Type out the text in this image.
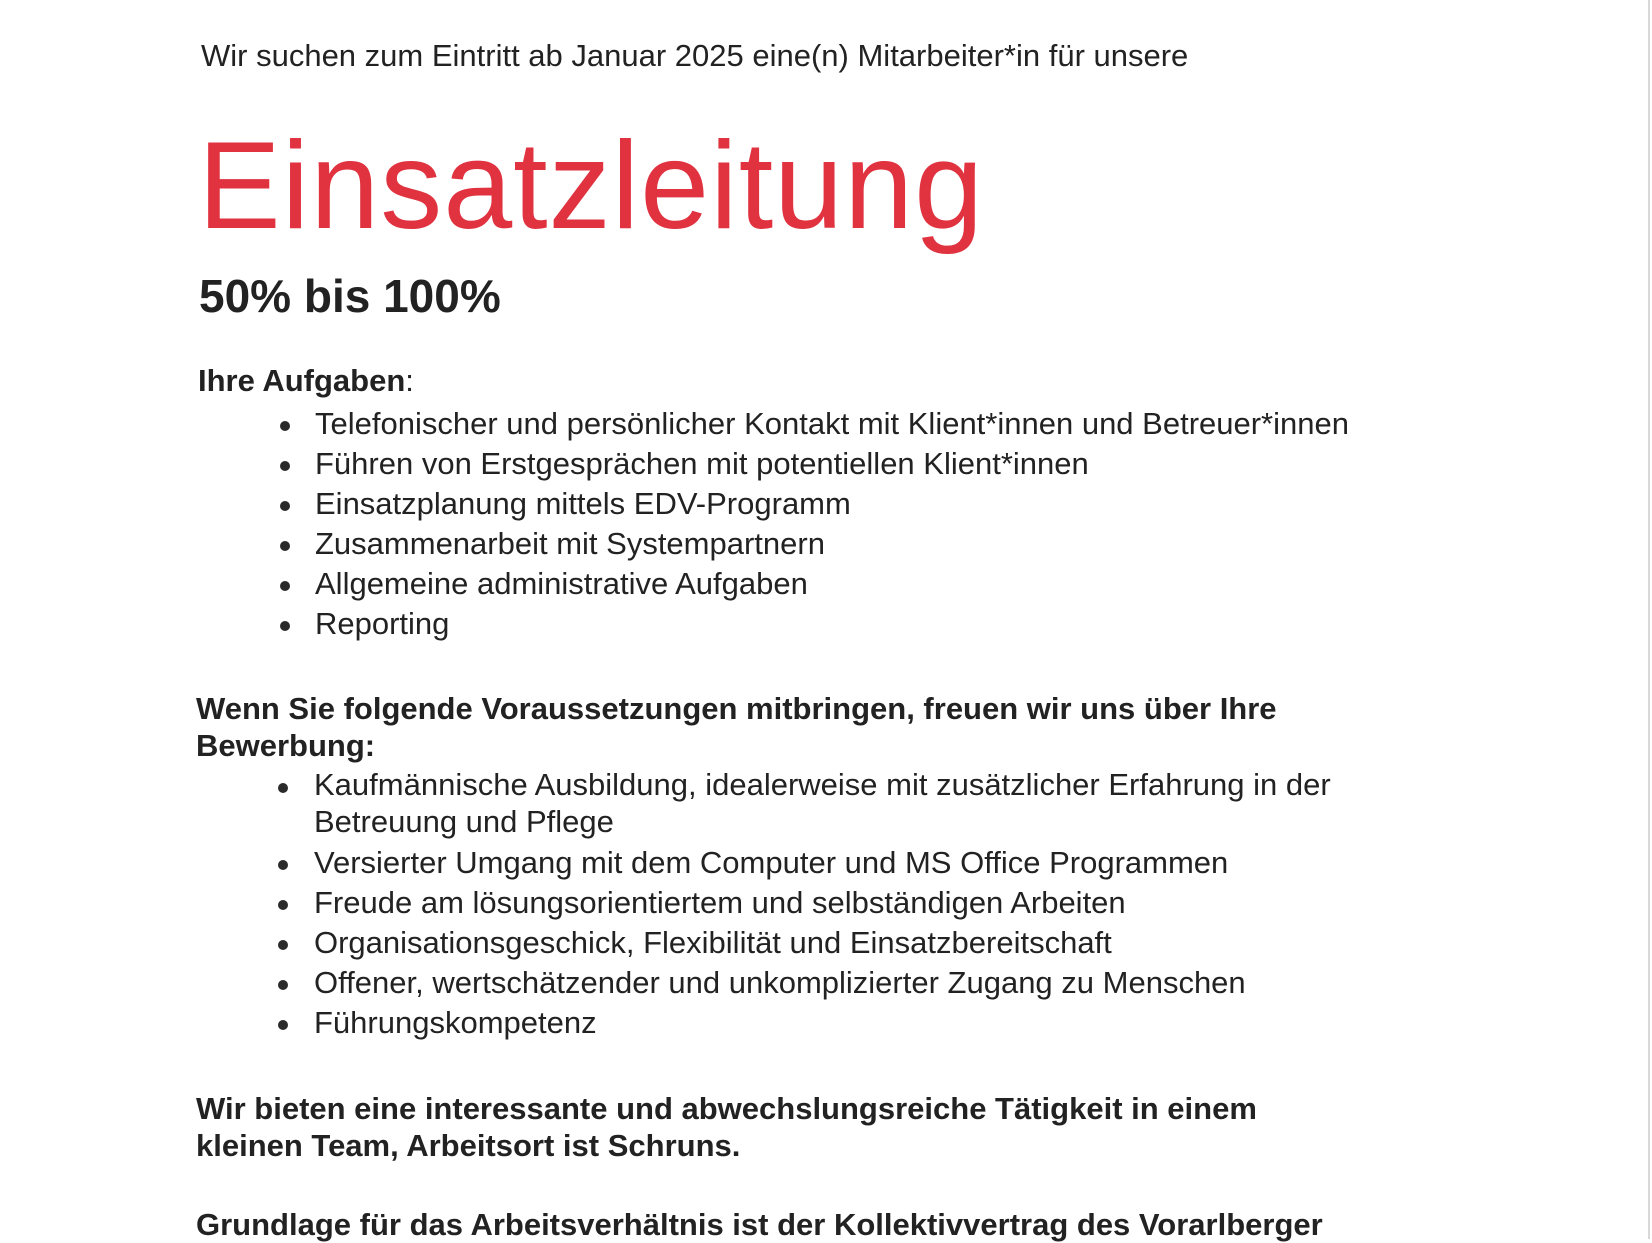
Wir suchen zum Eintritt ab Januar 2025 eine(n) Mitarbeiter*in für unsere
Einsatzleitung
50% bis 100%
Ihre Aufgaben:
Telefonischer und persönlicher Kontakt mit Klient*innen und Betreuer*innen
Führen von Erstgesprächen mit potentiellen Klient*innen
Einsatzplanung mittels EDV-Programm
Zusammenarbeit mit Systempartnern
Allgemeine administrative Aufgaben
Reporting
Wenn Sie folgende Voraussetzungen mitbringen, freuen wir uns über Ihre Bewerbung:
Kaufmännische Ausbildung, idealerweise mit zusätzlicher Erfahrung in der Betreuung und Pflege
Versierter Umgang mit dem Computer und MS Office Programmen
Freude am lösungsorientiertem und selbständigen Arbeiten
Organisationsgeschick, Flexibilität und Einsatzbereitschaft
Offener, wertschätzender und unkomplizierter Zugang zu Menschen
Führungskompetenz
Wir bieten eine interessante und abwechslungsreiche Tätigkeit in einem kleinen Team, Arbeitsort ist Schruns.
Grundlage für das Arbeitsverhältnis ist der Kollektivvertrag des Vorarlberger
